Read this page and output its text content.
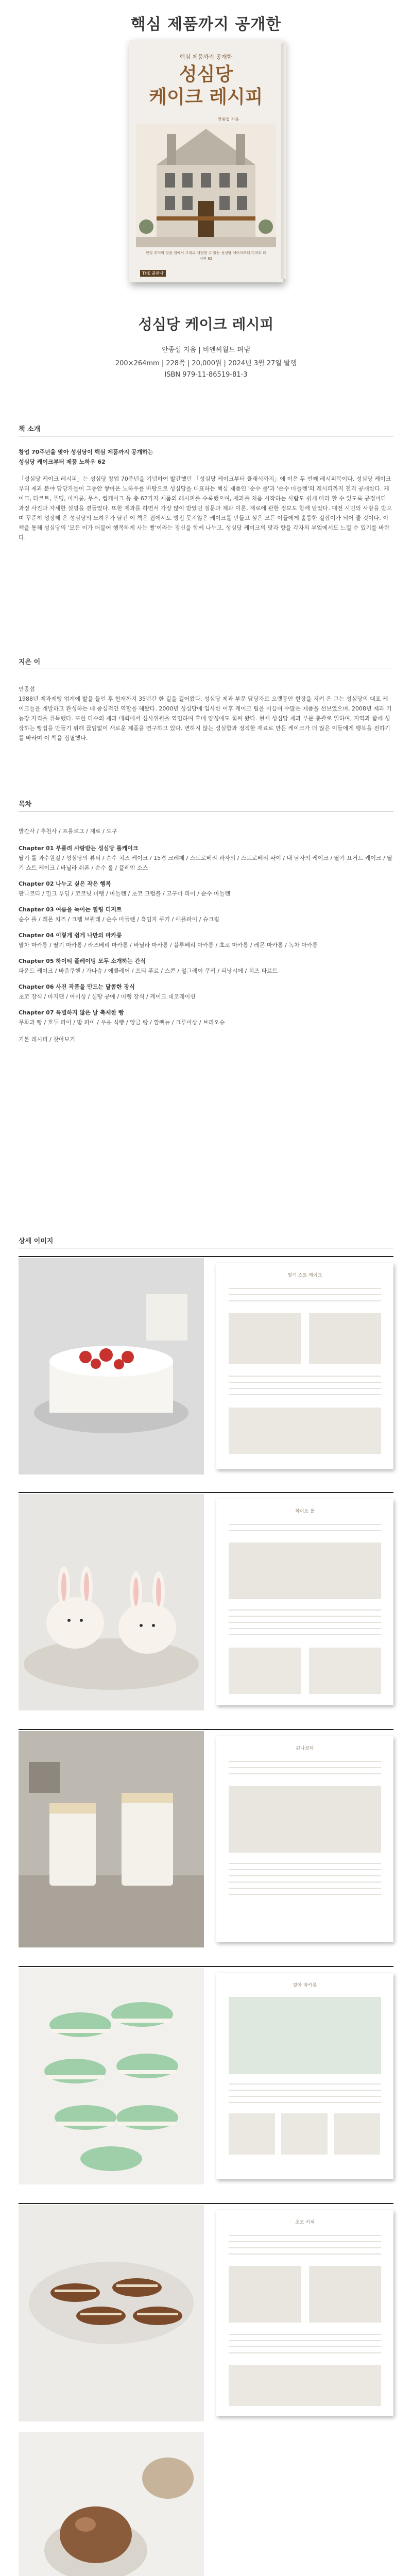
핵심 제품까지 공개한
핵심 제품까지 공개한
성심당
케이크 레시피
안종섭 지음
한빛 추억의 맛을 집에서 그대로 재현할 수 있는 성심당 케이크부터 디저트 레시피 62
THE 출판사
성심당 케이크 레시피
안종섭 지음 | 비앤씨월드 펴냄
200×264mm | 228쪽 | 20,000원 | 2024년 3월 27일 발행
ISBN 979-11-86519-81-3
책 소개
창업 70주년을 맞아 성심당이 핵심 제품까지 공개하는
성심당 케이크부터 제품 노하우 62

「성심당 케이크 레시피」는 성심당 창업 70주년을 기념하여 발간했던 「성심당 케이크부터 클래식까지」에 이은 두 번째 레시피북이다. 성심당 케이크부터 제과 분야 담당자들이 그동안 쌓아온 노하우를 바탕으로 성심당을 대표하는 핵심 제품인 '순수 롤'과 '순수 마들렌'의 레시피까지 전격 공개한다. 케이크, 타르트, 푸딩, 마카롱, 무스, 컵케이크 등 총 62가지 제품의 레시피를 수록했으며, 제과를 처음 시작하는 사람도 쉽게 따라 할 수 있도록 공정마다 과정 사진과 자세한 설명을 곁들였다. 또한 제과를 하면서 가장 많이 받았던 질문과 제과 이론, 재료에 관한 정보도 함께 담았다. 대전 시민의 사랑을 받으며 꾸준히 성장해 온 성심당의 노하우가 담긴 이 책은 집에서도 빵집 못지않은 케이크를 만들고 싶은 모든 이들에게 훌륭한 길잡이가 되어 줄 것이다. 이 책을 통해 성심당의 '모든 이가 더불어 행복하게 사는 빵'이라는 정신을 함께 나누고, 성심당 케이크의 맛과 향을 각자의 부엌에서도 느낄 수 있기를 바란다.

지은 이

안종섭

1988년 제과제빵 업계에 발을 들인 후 현재까지 35년간 한 길을 걸어왔다. 성심당 제과 부문 담당자로 오랫동안 현장을 지켜 온 그는 성심당의 대표 케이크들을 개발하고 완성하는 데 중심적인 역할을 해왔다. 2000년 성심당에 입사한 이후 케이크 팀을 이끌며 수많은 제품을 선보였으며, 2008년 제과 기능장 자격을 취득했다. 또한 다수의 제과 대회에서 심사위원을 역임하며 후배 양성에도 힘써 왔다. 현재 성심당 제과 부문 총괄로 일하며, 지역과 함께 성장하는 빵집을 만들기 위해 끊임없이 새로운 제품을 연구하고 있다. 변하지 않는 성실함과 정직한 재료로 만든 케이크가 더 많은 이들에게 행복을 전하기를 바라며 이 책을 집필했다.

목차

발간사 / 추천사 / 프롤로그 / 재료 / 도구

Chapter 01 부풀려 사랑받는 성심당 롤케이크
딸기 롤 과수원길 / 성심당의 뷰티 / 순수 치즈 케이크 / 15겹 크레페 / 스트로베리 과자의 / 스트로베리 파이 / 내 남자의 케이크 / 딸기 요거트 케이크 / 딸기 쇼트 케이크 / 바닐라 쉬폰 / 순수 롤 / 플레인 소스
Chapter 02 나누고 싶은 작은 행복
판나코타 / 밀크 푸딩 / 코코넛 머랭 / 마들렌 / 초코 크럼블 / 고구마 파이 / 순수 마들렌
Chapter 03 여름을 녹이는 힐링 디저트
순수 롤 / 레몬 치즈 / 크렘 브륄레 / 순수 마들렌 / 흑임자 쿠키 / 애플파이 / 슈크림
Chapter 04 이렇게 쉽게 나만의 마카롱
말차 마카롱 / 딸기 마카롱 / 라즈베리 마카롱 / 바닐라 마카롱 / 블루베리 마카롱 / 초코 마카롱 / 레몬 마카롱 / 녹차 마카롱
Chapter 05 하이티 플레이팅 모두 소개하는 간식
파운드 케이크 / 바움쿠헨 / 가나슈 / 에클레어 / 프티 푸르 / 스콘 / 얼그레이 쿠키 / 피낭시에 / 치즈 타르트
Chapter 06 사진 작품을 만드는 달콤한 장식
초코 장식 / 마지팬 / 아이싱 / 설탕 공예 / 머랭 장식 / 케이크 데코레이션
Chapter 07 특별하지 않은 날 축제한 빵
무화과 빵 / 호두 파이 / 밤 파이 / 우유 식빵 / 앙금 빵 / 깜빠뉴 / 크루아상 / 브리오슈

기본 레시피 / 찾아보기

상세 이미지
딸기 쇼트 케이크
화이트 롤
판나코타
말차 마카롱
초코 커피
